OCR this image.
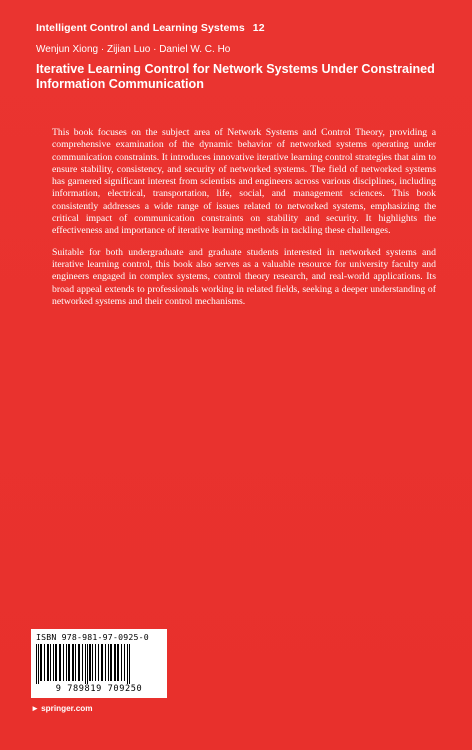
Intelligent Control and Learning Systems 12
Wenjun Xiong · Zijian Luo · Daniel W. C. Ho
Iterative Learning Control for Network Systems Under Constrained Information Communication

This book focuses on the subject area of Network Systems and Control Theory, providing a comprehensive examination of the dynamic behavior of networked systems operating under communication constraints. It introduces innovative iterative learning control strategies that aim to ensure stability, consistency, and security of networked systems. The field of networked systems has garnered significant interest from scientists and engineers across various disciplines, including information, electrical, transportation, life, social, and management sciences. This book consistently addresses a wide range of issues related to networked systems, emphasizing the critical impact of communication constraints on stability and security. It highlights the effectiveness and importance of iterative learning methods in tackling these challenges.

Suitable for both undergraduate and graduate students interested in networked systems and iterative learning control, this book also serves as a valuable resource for university faculty and engineers engaged in complex systems, control theory research, and real-world applications. Its broad appeal extends to professionals working in related fields, seeking a deeper understanding of networked systems and their control mechanisms.

ISBN 978-981-97-0925-0
9 789819 709250
► springer.com
